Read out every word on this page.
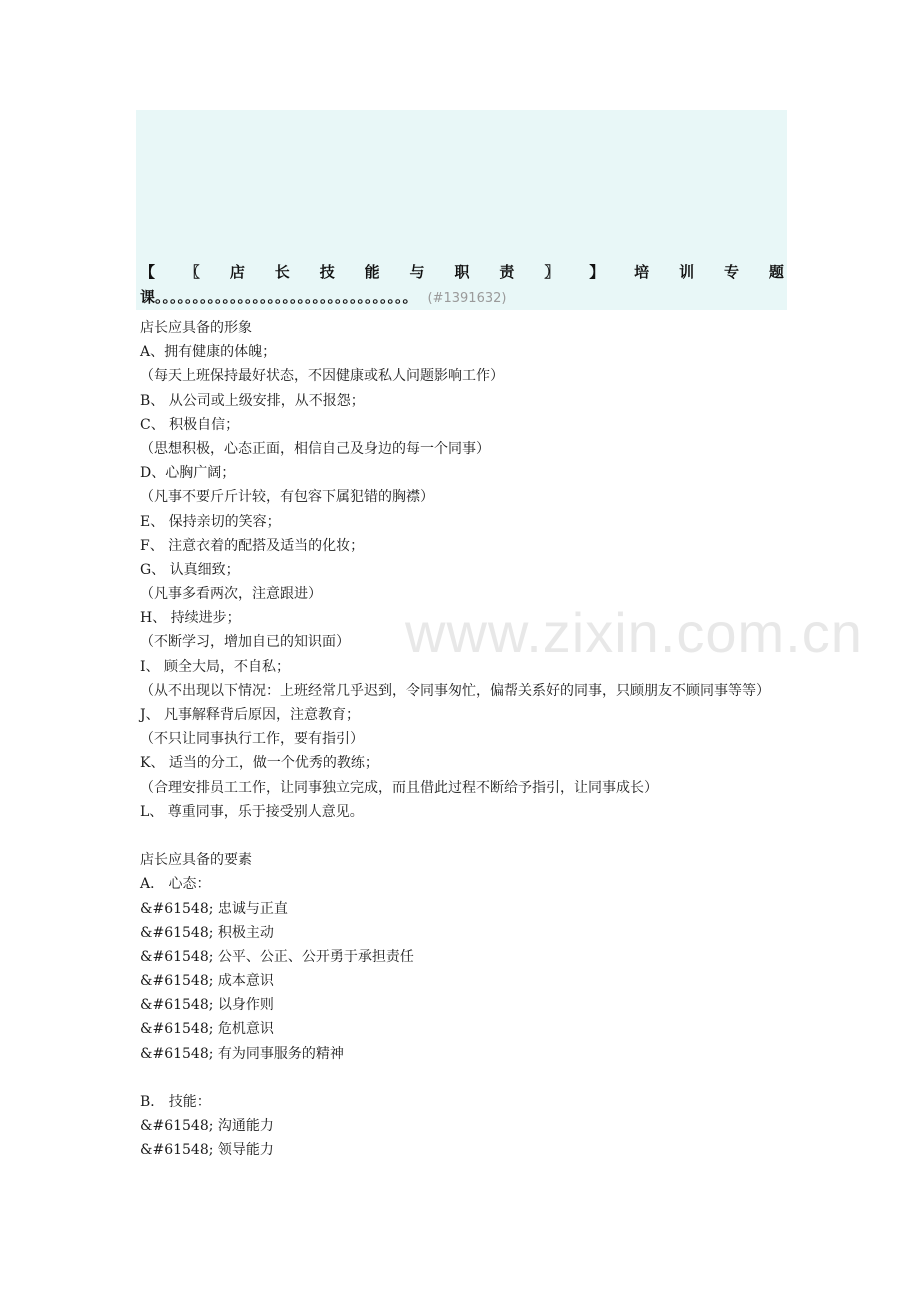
【 〖 店 长 技 能 与 职 责 〗 】 培 训 专 题
课。。。。。。。。。。。。。。。。。。。。。。。。。。。。。。。。。。 (#1391632)
店长应具备的形象
A、拥有健康的体魄；
（每天上班保持最好状态，不因健康或私人问题影响工作）
B、 从公司或上级安排，从不报怨；
C、 积极自信；
（思想积极，心态正面，相信自己及身边的每一个同事）
D、心胸广阔；
（凡事不要斤斤计较，有包容下属犯错的胸襟）
E、 保持亲切的笑容；
F、 注意衣着的配搭及适当的化妆；
G、 认真细致；
（凡事多看两次，注意跟进）
H、 持续进步；
（不断学习，增加自已的知识面）
I、 顾全大局，不自私；
（从不出现以下情况：上班经常几乎迟到，令同事匆忙，偏帮关系好的同事，只顾朋友不顾同事等等）
J、 凡事解释背后原因，注意教育；
（不只让同事执行工作，要有指引）
K、 适当的分工，做一个优秀的教练；
（合理安排员工工作，让同事独立完成，而且借此过程不断给予指引，让同事成长）
L、 尊重同事，乐于接受别人意见。
店长应具备的要素
A． 心态：
&#61548; 忠诚与正直
&#61548; 积极主动
&#61548; 公平、公正、公开勇于承担责任
&#61548; 成本意识
&#61548; 以身作则
&#61548; 危机意识
&#61548; 有为同事服务的精神
B． 技能：
&#61548; 沟通能力
&#61548; 领导能力
www.zixin.com.cn
